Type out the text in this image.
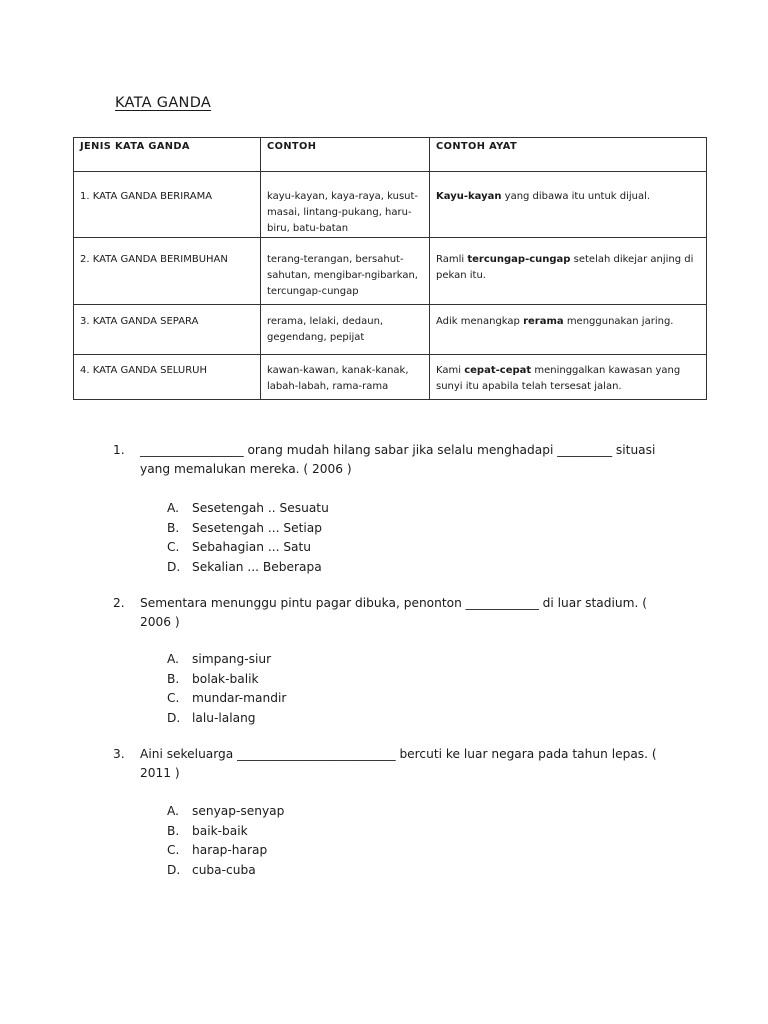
KATA GANDA
JENIS KATA GANDA	CONTOH	CONTOH AYAT
1. KATA GANDA BERIRAMA	kayu-kayan, kaya-raya, kusut-masai, lintang-pukang, haru-biru, batu-batan	Kayu-kayan yang dibawa itu untuk dijual.
2. KATA GANDA BERIMBUHAN	terang-terangan, bersahut-sahutan, mengibar-ngibarkan, tercungap-cungap	Ramli tercungap-cungap setelah dikejar anjing di pekan itu.
3. KATA GANDA SEPARA	rerama, lelaki, dedaun, gegendang, pepijat	Adik menangkap rerama menggunakan jaring.
4. KATA GANDA SELURUH	kawan-kawan, kanak-kanak, labah-labah, rama-rama	Kami cepat-cepat meninggalkan kawasan yang sunyi itu apabila telah tersesat jalan.
1. _________________ orang mudah hilang sabar jika selalu menghadapi _________ situasi yang memalukan mereka. ( 2006 )
A. Sesetengah .. Sesuatu
B. Sesetengah ... Setiap
C. Sebahagian ... Satu
D. Sekalian ... Beberapa
2. Sementara menunggu pintu pagar dibuka, penonton ____________ di luar stadium. ( 2006 )
A. simpang-siur
B. bolak-balik
C. mundar-mandir
D. lalu-lalang
3. Aini sekeluarga __________________________ bercuti ke luar negara pada tahun lepas. ( 2011 )
A. senyap-senyap
B. baik-baik
C. harap-harap
D. cuba-cuba
